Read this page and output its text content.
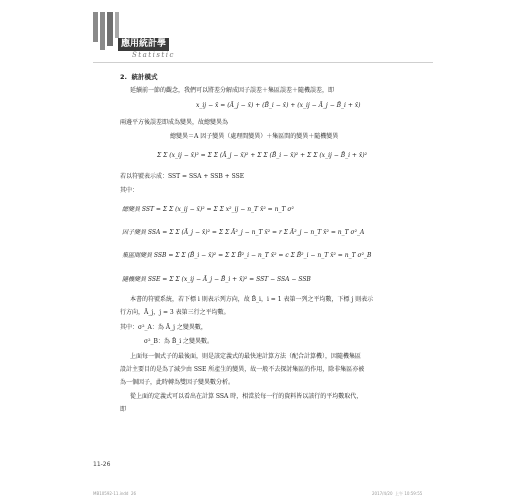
應用統計學
Statistic
2.  統計模式
延續前一節的觀念，我們可以將差分解成因子誤差＋集區誤差＋隨機誤差，即
x_ij − x̄ = (Ā_j − x̄) + (B̄_i − x̄) + (x_ij − Ā_j − B̄_i + x̄)
兩邊平方後誤差即成為變異，故總變異為
總變異＝A 因子變異（處理間變異）＋集區間的變異＋隨機變異
Σ Σ (x_ij − x̄)² = Σ Σ (Ā_j − x̄)² + Σ Σ (B̄_i − x̄)² + Σ Σ (x_ij − B̄_i + x̄)²
若以符號表示成：SST = SSA + SSB + SSE
其中：
總變異 SST = Σ Σ (x_ij − x̄)² = Σ Σ x²_ij − n_T x̄² = n_T σ²
因子變異 SSA = Σ Σ (Ā_j − x̄)² = Σ Σ Ā²_j − n_T x̄² = r Σ Ā²_j − n_T x̄² = n_T σ²_A
集區間變異 SSB = Σ Σ (B̄_i − x̄)² = Σ Σ B̄²_i − n_T x̄² = c Σ B̄²_i − n_T x̄² = n_T σ²_B
隨機變異 SSE = Σ Σ (x_ij − Ā_j − B̄_i + x̄)² = SST − SSA − SSB
本書的符號系統，若下標 i 則表示列方向，故 B̄_i，i = 1 表第一列之平均數，下標 j 則表示
行方向，Ā_j，j = 3 表第三行之平均數。
其中：σ²_A：為 Ā_j 之變異數，
σ²_B：為 B̄_i 之變異數。
上面每一個式子的最後面，則是該定義式的最快速計算方法（配合計算機），因隨機集區
設計主要目的是為了減少由 SSE 所產生的變異，故一般不去探討集區的作用，除非集區亦被
為一個因子，此時轉為雙因子變異數分析。
從上面的定義式可以看出在計算 SSA 時，相當於每一行的資料皆以該行的平均數取代，
即
11-26
MB10592-11.indd  26	2017/4/20  上午 10:59:55
